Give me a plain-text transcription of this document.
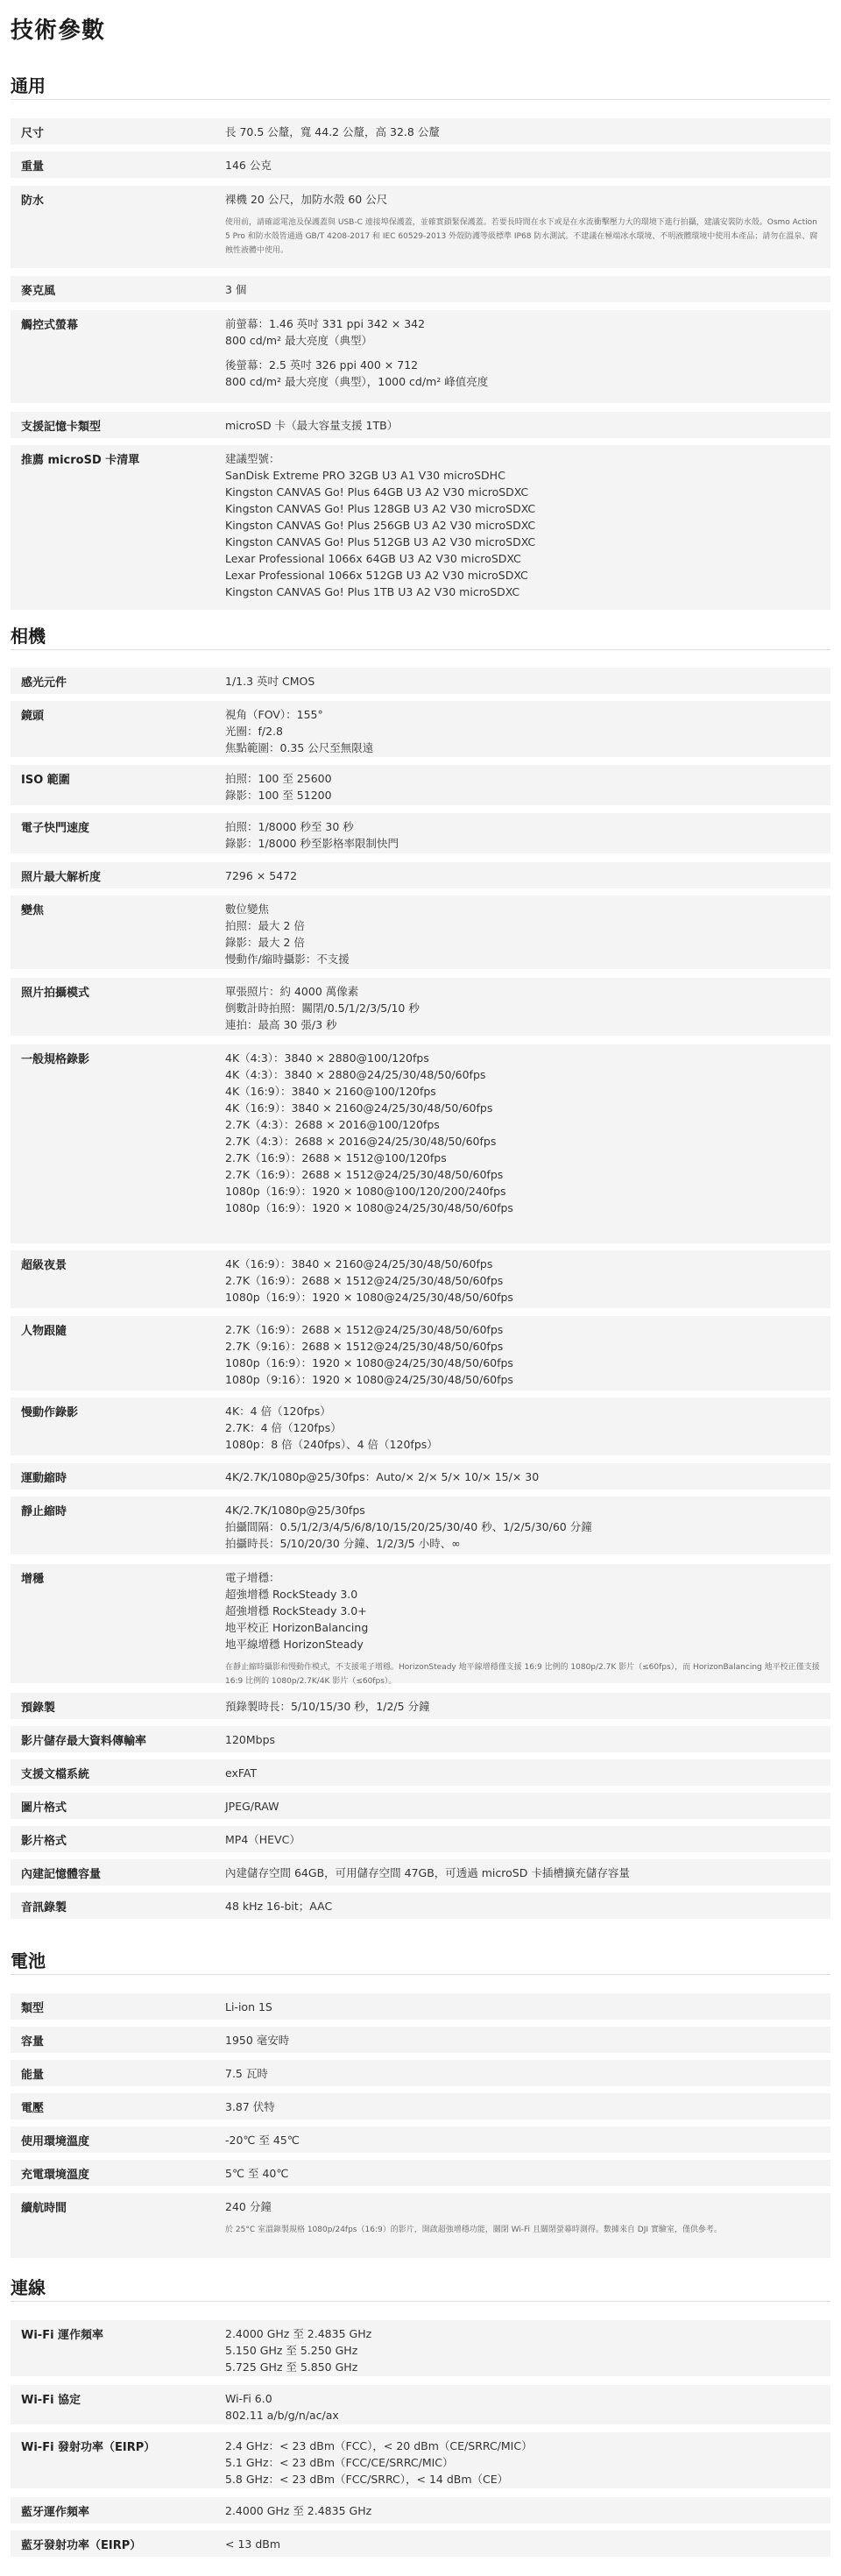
技術參數
通用
尺寸	長 70.5 公釐，寬 44.2 公釐，高 32.8 公釐
重量	146 公克
防水	裸機 20 公尺，加防水殼 60 公尺
使用前，請確認電池及保護蓋與 USB-C 連接埠保護蓋，並確實鎖緊保護蓋。若要長時間在水下或是在水流衝擊壓力大的環境下進行拍攝，建議安裝防水殼。Osmo Action 5 Pro 和防水殼皆通過 GB/T 4208-2017 和 IEC 60529-2013 外殼防護等級標準 IP68 防水測試。不建議在極端冰水環境、不明液體環境中使用本產品；請勿在溫泉、腐蝕性液體中使用。
麥克風	3 個
觸控式螢幕	前螢幕：1.46 英吋 331 ppi 342 × 342
800 cd/m² 最大亮度（典型）
後螢幕：2.5 英吋 326 ppi 400 × 712
800 cd/m² 最大亮度（典型），1000 cd/m² 峰值亮度
支援記憶卡類型	microSD 卡（最大容量支援 1TB）
推薦 microSD 卡清單	建議型號：
SanDisk Extreme PRO 32GB U3 A1 V30 microSDHC
Kingston CANVAS Go! Plus 64GB U3 A2 V30 microSDXC
Kingston CANVAS Go! Plus 128GB U3 A2 V30 microSDXC
Kingston CANVAS Go! Plus 256GB U3 A2 V30 microSDXC
Kingston CANVAS Go! Plus 512GB U3 A2 V30 microSDXC
Lexar Professional 1066x 64GB U3 A2 V30 microSDXC
Lexar Professional 1066x 512GB U3 A2 V30 microSDXC
Kingston CANVAS Go! Plus 1TB U3 A2 V30 microSDXC
相機
感光元件	1/1.3 英吋 CMOS
鏡頭	視角（FOV）：155°
光圈：f/2.8
焦點範圍：0.35 公尺至無限遠
ISO 範圍	拍照：100 至 25600
錄影：100 至 51200
電子快門速度	拍照：1/8000 秒至 30 秒
錄影：1/8000 秒至影格率限制快門
照片最大解析度	7296 × 5472
變焦	數位變焦
拍照：最大 2 倍
錄影：最大 2 倍
慢動作/縮時攝影：不支援
照片拍攝模式	單張照片：約 4000 萬像素
倒數計時拍照：關閉/0.5/1/2/3/5/10 秒
連拍：最高 30 張/3 秒
一般規格錄影	4K（4:3）：3840 × 2880@100/120fps
4K（4:3）：3840 × 2880@24/25/30/48/50/60fps
4K（16:9）：3840 × 2160@100/120fps
4K（16:9）：3840 × 2160@24/25/30/48/50/60fps
2.7K（4:3）：2688 × 2016@100/120fps
2.7K（4:3）：2688 × 2016@24/25/30/48/50/60fps
2.7K（16:9）：2688 × 1512@100/120fps
2.7K（16:9）：2688 × 1512@24/25/30/48/50/60fps
1080p（16:9）：1920 × 1080@100/120/200/240fps
1080p（16:9）：1920 × 1080@24/25/30/48/50/60fps
超級夜景	4K（16:9）：3840 × 2160@24/25/30/48/50/60fps
2.7K（16:9）：2688 × 1512@24/25/30/48/50/60fps
1080p（16:9）：1920 × 1080@24/25/30/48/50/60fps
人物跟隨	2.7K（16:9）：2688 × 1512@24/25/30/48/50/60fps
2.7K（9:16）：2688 × 1512@24/25/30/48/50/60fps
1080p（16:9）：1920 × 1080@24/25/30/48/50/60fps
1080p（9:16）：1920 × 1080@24/25/30/48/50/60fps
慢動作錄影	4K：4 倍（120fps）
2.7K：4 倍（120fps）
1080p：8 倍（240fps）、4 倍（120fps）
運動縮時	4K/2.7K/1080p@25/30fps：Auto/× 2/× 5/× 10/× 15/× 30
靜止縮時	4K/2.7K/1080p@25/30fps
拍攝間隔：0.5/1/2/3/4/5/6/8/10/15/20/25/30/40 秒、1/2/5/30/60 分鐘
拍攝時長：5/10/20/30 分鐘、1/2/3/5 小時、∞
增穩	電子增穩：
超強增穩 RockSteady 3.0
超強增穩 RockSteady 3.0+
地平校正 HorizonBalancing
地平線增穩 HorizonSteady
在靜止縮時攝影和慢動作模式，不支援電子增穩。HorizonSteady 地平線增穩僅支援 16:9 比例的 1080p/2.7K 影片（≤60fps），而 HorizonBalancing 地平校正僅支援 16:9 比例的 1080p/2.7K/4K 影片（≤60fps）。
預錄製	預錄製時長：5/10/15/30 秒，1/2/5 分鐘
影片儲存最大資料傳輸率	120Mbps
支援文檔系統	exFAT
圖片格式	JPEG/RAW
影片格式	MP4（HEVC）
內建記憶體容量	內建儲存空間 64GB，可用儲存空間 47GB，可透過 microSD 卡插槽擴充儲存容量
音訊錄製	48 kHz 16-bit；AAC
電池
類型	Li-ion 1S
容量	1950 毫安時
能量	7.5 瓦時
電壓	3.87 伏特
使用環境溫度	-20℃ 至 45℃
充電環境溫度	5℃ 至 40℃
續航時間	240 分鐘
於 25°C 室溫錄製規格 1080p/24fps（16:9）的影片，開啟超強增穩功能，關閉 Wi-Fi 且關閉螢幕時測得。數據來自 DJI 實驗室，僅供參考。
連線
Wi-Fi 運作頻率	2.4000 GHz 至 2.4835 GHz
5.150 GHz 至 5.250 GHz
5.725 GHz 至 5.850 GHz
Wi-Fi 協定	Wi-Fi 6.0
802.11 a/b/g/n/ac/ax
Wi-Fi 發射功率（EIRP）	2.4 GHz：< 23 dBm（FCC），< 20 dBm（CE/SRRC/MIC）
5.1 GHz：< 23 dBm（FCC/CE/SRRC/MIC）
5.8 GHz：< 23 dBm（FCC/SRRC），< 14 dBm（CE）
藍牙運作頻率	2.4000 GHz 至 2.4835 GHz
藍牙發射功率（EIRP）	< 13 dBm
